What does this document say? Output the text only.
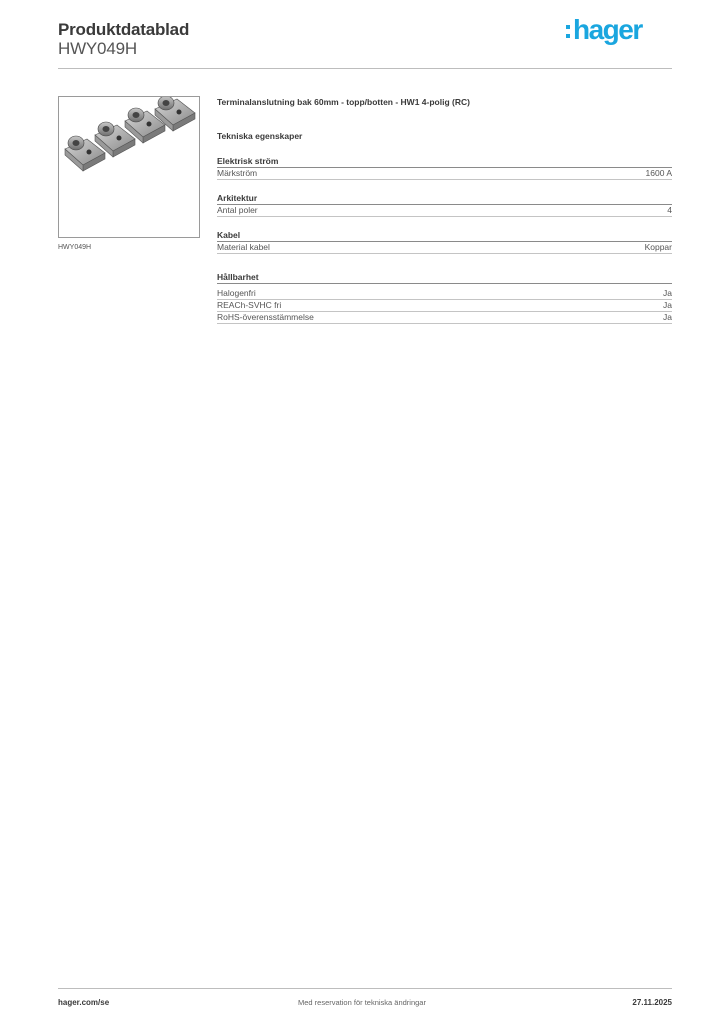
Produktdatablad
HWY049H
hager
HWY049H
Terminalanslutning bak 60mm - topp/botten - HW1 4-polig (RC)
Tekniska egenskaper
Elektrisk ström
Märkström	1600 A
Arkitektur
Antal poler	4
Kabel
Material kabel	Koppar
Hållbarhet
Halogenfri	Ja
REACh-SVHC fri	Ja
RoHS-överensstämmelse	Ja
hager.com/se	Med reservation för tekniska ändringar	27.11.2025
